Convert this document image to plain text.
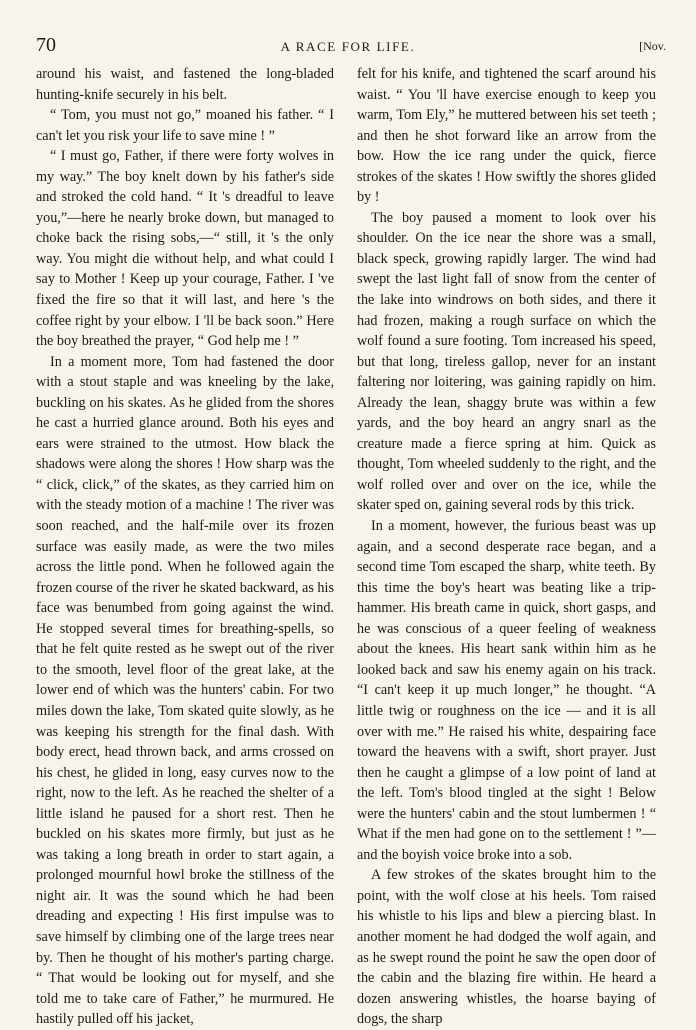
70	A RACE FOR LIFE.	[Nov.

around his waist, and fastened the long-bladed hunting-knife securely in his belt.

“ Tom, you must not go,” moaned his father. “ I can't let you risk your life to save mine ! ”

“ I must go, Father, if there were forty wolves in my way.” The boy knelt down by his father's side and stroked the cold hand. “ It 's dreadful to leave you,”—here he nearly broke down, but managed to choke back the rising sobs,—“ still, it 's the only way. You might die without help, and what could I say to Mother ! Keep up your courage, Father. I 've fixed the fire so that it will last, and here 's the coffee right by your elbow. I 'll be back soon.” Here the boy breathed the prayer, “ God help me ! ”

In a moment more, Tom had fastened the door with a stout staple and was kneeling by the lake, buckling on his skates. As he glided from the shores he cast a hurried glance around. Both his eyes and ears were strained to the utmost. How black the shadows were along the shores ! How sharp was the “ click, click,” of the skates, as they carried him on with the steady motion of a machine ! The river was soon reached, and the half-mile over its frozen surface was easily made, as were the two miles across the little pond. When he followed again the frozen course of the river he skated backward, as his face was benumbed from going against the wind. He stopped several times for breathing-spells, so that he felt quite rested as he swept out of the river to the smooth, level floor of the great lake, at the lower end of which was the hunters' cabin. For two miles down the lake, Tom skated quite slowly, as he was keeping his strength for the final dash. With body erect, head thrown back, and arms crossed on his chest, he glided in long, easy curves now to the right, now to the left. As he reached the shelter of a little island he paused for a short rest. Then he buckled on his skates more firmly, but just as he was taking a long breath in order to start again, a prolonged mournful howl broke the stillness of the night air. It was the sound which he had been dreading and expecting ! His first impulse was to save himself by climbing one of the large trees near by. Then he thought of his mother's parting charge. “ That would be looking out for myself, and she told me to take care of Father,” he murmured. He hastily pulled off his jacket,

felt for his knife, and tightened the scarf around his waist. “ You 'll have exercise enough to keep you warm, Tom Ely,” he muttered between his set teeth ; and then he shot forward like an arrow from the bow. How the ice rang under the quick, fierce strokes of the skates ! How swiftly the shores glided by !

The boy paused a moment to look over his shoulder. On the ice near the shore was a small, black speck, growing rapidly larger. The wind had swept the last light fall of snow from the center of the lake into windrows on both sides, and there it had frozen, making a rough surface on which the wolf found a sure footing. Tom increased his speed, but that long, tireless gallop, never for an instant faltering nor loitering, was gaining rapidly on him. Already the lean, shaggy brute was within a few yards, and the boy heard an angry snarl as the creature made a fierce spring at him. Quick as thought, Tom wheeled suddenly to the right, and the wolf rolled over and over on the ice, while the skater sped on, gaining several rods by this trick.

In a moment, however, the furious beast was up again, and a second desperate race began, and a second time Tom escaped the sharp, white teeth. By this time the boy's heart was beating like a trip-hammer. His breath came in quick, short gasps, and he was conscious of a queer feeling of weakness about the knees. His heart sank within him as he looked back and saw his enemy again on his track. “I can't keep it up much longer,” he thought. “A little twig or roughness on the ice — and it is all over with me.” He raised his white, despairing face toward the heavens with a swift, short prayer. Just then he caught a glimpse of a low point of land at the left. Tom's blood tingled at the sight ! Below were the hunters' cabin and the stout lumbermen ! “ What if the men had gone on to the settlement ! ”— and the boyish voice broke into a sob.

A few strokes of the skates brought him to the point, with the wolf close at his heels. Tom raised his whistle to his lips and blew a piercing blast. In another moment he had dodged the wolf again, and as he swept round the point he saw the open door of the cabin and the blazing fire within. He heard a dozen answering whistles, the hoarse baying of dogs, the sharp
